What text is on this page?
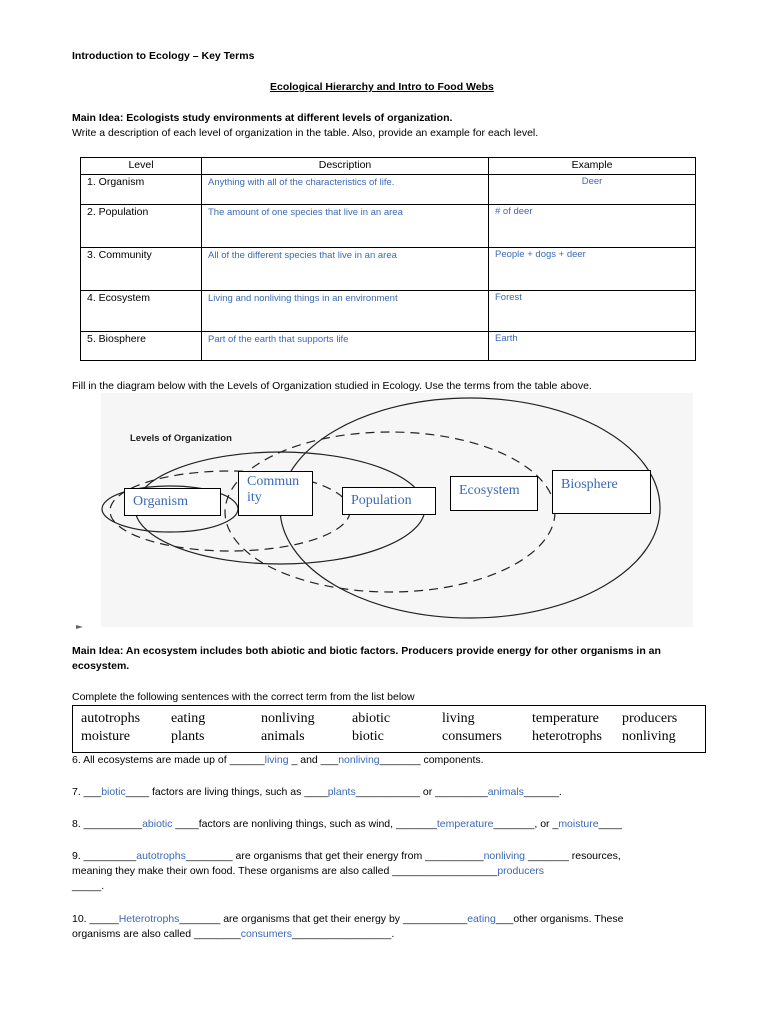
Introduction to Ecology – Key Terms
Ecological Hierarchy and Intro to Food Webs
Main Idea: Ecologists study environments at different levels of organization.
Write a description of each level of organization in the table. Also, provide an example for each level.
Level	Description	Example
1. Organism	Anything with all of the characteristics of life.	Deer
2. Population	The amount of one species that live in an area	# of deer
3. Community	All of the different species that live in an area	People + dogs + deer
4. Ecosystem	Living and nonliving things in an environment	Forest
5. Biosphere	Part of the earth that supports life	Earth
Fill in the diagram below with the Levels of Organization studied in Ecology. Use the terms from the table above.
Levels of Organization
Organism
Commun
ity	Population
Ecosystem	Biosphere
Main Idea: An ecosystem includes both abiotic and biotic factors. Producers provide energy for other organisms in an
ecosystem.
Complete the following sentences with the correct term from the list below
autotrophs eating	nonliving	abiotic	living	temperature producers
moisture	plants	animals	biotic	consumers heterotrophs nonliving
6. All ecosystems are made up of ______living _ and ___nonliving_______ components.
7. ___biotic____ factors are living things, such as ____plants___________ or _________animals______.
8. __________abiotic ____factors are nonliving things, such as wind, _______temperature_______, or _moisture____
9. _________autotrophs________ are organisms that get their energy from __________nonliving _______ resources,
meaning they make their own food. These organisms are also called __________________producers
_____.
10. _____Heterotrophs_______ are organisms that get their energy by ___________eating___other organisms. These
organisms are also called ________consumers_________________.
